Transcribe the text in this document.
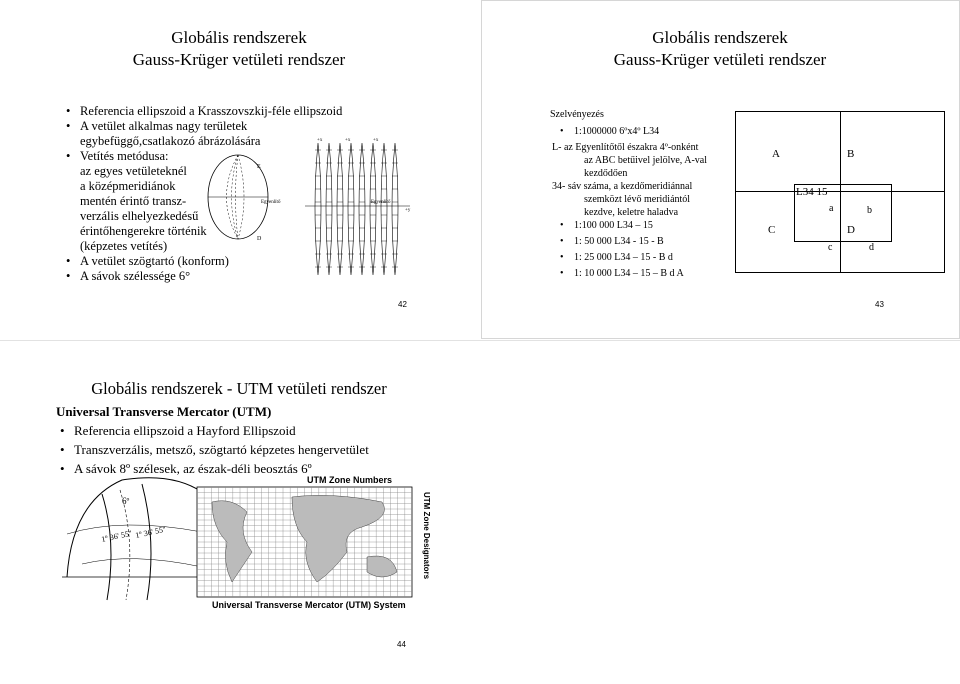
Globális rendszerek
Gauss-Krüger vetületi rendszer
• Referencia ellipszoid a Krasszovszkij-féle ellipszoid
• A vetület alkalmas nagy területek
egybefüggő,csatlakozó ábrázolására
• Vetítés metódusa:
az egyes vetületeknél
a középmeridiánok
mentén érintő transz-
verzális elhelyezkedésű
érintőhengerekre történik
(képzetes vetítés)
• A vetület szögtartó (konform)
• A sávok szélessége 6°
E
D
Egyenlítő	Egyenlítő
+y
+x	+x	+x
42
Globális rendszerek
Gauss-Krüger vetületi rendszer
Szelvényezés
• 1:1000000 6ºx4º L34
L- az Egyenlítőtől északra 4º-onként
az ABC betűivel jelölve, A-val
kezdődően
34- sáv száma, a kezdőmeridiánnal
szemközt lévő meridiántól
kezdve, keletre haladva
• 1:100 000 L34 – 15
• 1: 50 000 L34 - 15 - B
• 1: 25 000 L34 – 15 - B d
• 1: 10 000 L34 – 15 – B d A
A	B
C	D
L34 15
a	b
c	d
43
Globális rendszerek - UTM vetületi rendszer
Universal Transverse Mercator (UTM)
• Referencia ellipszoid a Hayford Ellipszoid
• Transzverzális, metsző, szögtartó képzetes hengervetület
• A sávok 8º szélesek, az észak-déli beosztás 6º
6º
1º 36' 55" 1º 36' 55"
UTM Zone Numbers
Universal Transverse Mercator (UTM) System
UTM Zone Designators
44
